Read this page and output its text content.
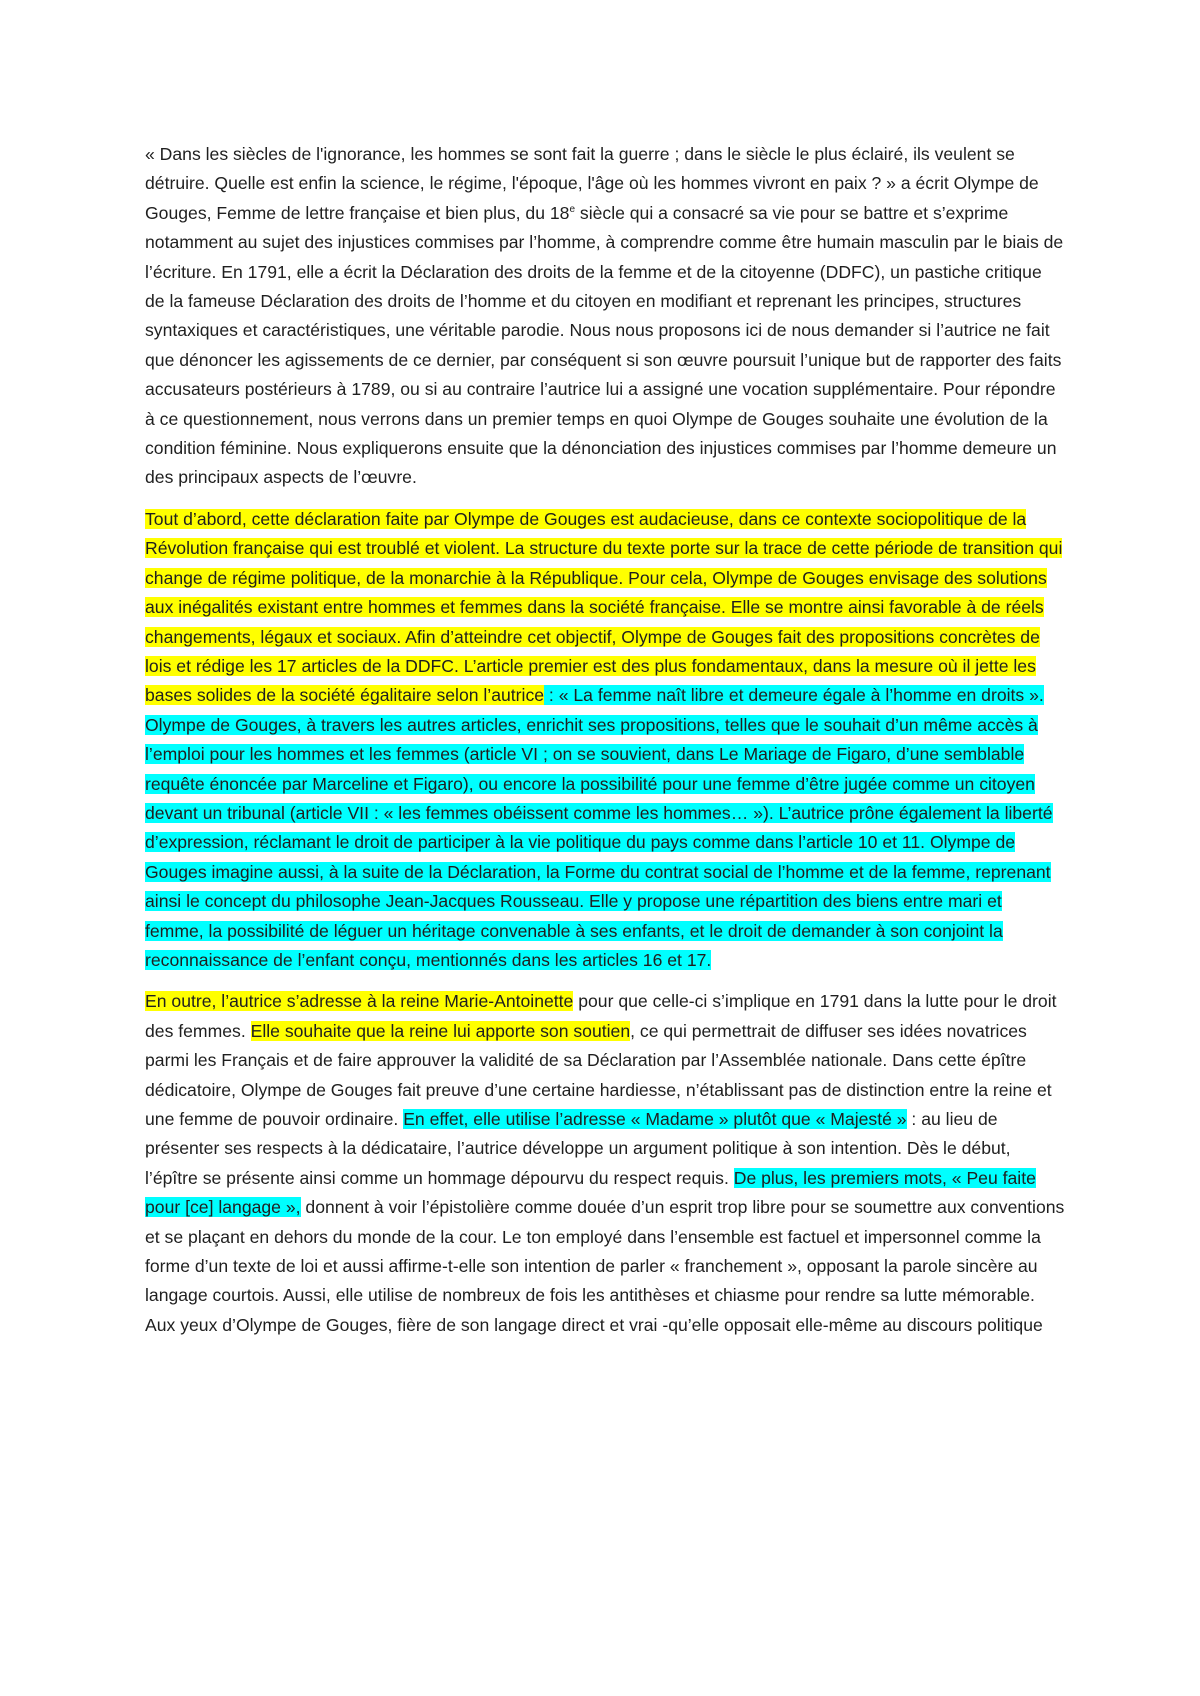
« Dans les siècles de l'ignorance, les hommes se sont fait la guerre ; dans le siècle le plus éclairé, ils veulent se détruire. Quelle est enfin la science, le régime, l'époque, l'âge où les hommes vivront en paix ? » a écrit Olympe de Gouges, Femme de lettre française et bien plus, du 18e siècle qui a consacré sa vie pour se battre et s’exprime notamment au sujet des injustices commises par l’homme, à comprendre comme être humain masculin par le biais de l’écriture. En 1791, elle a écrit la Déclaration des droits de la femme et de la citoyenne (DDFC), un pastiche critique de la fameuse Déclaration des droits de l’homme et du citoyen en modifiant et reprenant les principes, structures syntaxiques et caractéristiques, une véritable parodie. Nous nous proposons ici de nous demander si l’autrice ne fait que dénoncer les agissements de ce dernier, par conséquent si son œuvre poursuit l’unique but de rapporter des faits accusateurs postérieurs à 1789, ou si au contraire l’autrice lui a assigné une vocation supplémentaire. Pour répondre à ce questionnement, nous verrons dans un premier temps en quoi Olympe de Gouges souhaite une évolution de la condition féminine. Nous expliquerons ensuite que la dénonciation des injustices commises par l’homme demeure un des principaux aspects de l’œuvre.

Tout d’abord, cette déclaration faite par Olympe de Gouges est audacieuse, dans ce contexte sociopolitique de la Révolution française qui est troublé et violent. La structure du texte porte sur la trace de cette période de transition qui change de régime politique, de la monarchie à la République. Pour cela, Olympe de Gouges envisage des solutions aux inégalités existant entre hommes et femmes dans la société française. Elle se montre ainsi favorable à de réels changements, légaux et sociaux. Afin d’atteindre cet objectif, Olympe de Gouges fait des propositions concrètes de lois et rédige les 17 articles de la DDFC. L’article premier est des plus fondamentaux, dans la mesure où il jette les bases solides de la société égalitaire selon l’autrice : « La femme naît libre et demeure égale à l’homme en droits ». Olympe de Gouges, à travers les autres articles, enrichit ses propositions, telles que le souhait d’un même accès à l’emploi pour les hommes et les femmes (article VI ; on se souvient, dans Le Mariage de Figaro, d’une semblable requête énoncée par Marceline et Figaro), ou encore la possibilité pour une femme d’être jugée comme un citoyen devant un tribunal (article VII : « les femmes obéissent comme les hommes… »). L’autrice prône également la liberté d’expression, réclamant le droit de participer à la vie politique du pays comme dans l’article 10 et 11. Olympe de Gouges imagine aussi, à la suite de la Déclaration, la Forme du contrat social de l’homme et de la femme, reprenant ainsi le concept du philosophe Jean-Jacques Rousseau. Elle y propose une répartition des biens entre mari et femme, la possibilité de léguer un héritage convenable à ses enfants, et le droit de demander à son conjoint la reconnaissance de l’enfant conçu, mentionnés dans les articles 16 et 17.

En outre, l’autrice s’adresse à la reine Marie-Antoinette pour que celle-ci s’implique en 1791 dans la lutte pour le droit des femmes. Elle souhaite que la reine lui apporte son soutien, ce qui permettrait de diffuser ses idées novatrices parmi les Français et de faire approuver la validité de sa Déclaration par l’Assemblée nationale. Dans cette épître dédicatoire, Olympe de Gouges fait preuve d’une certaine hardiesse, n’établissant pas de distinction entre la reine et une femme de pouvoir ordinaire. En effet, elle utilise l’adresse « Madame » plutôt que « Majesté » : au lieu de présenter ses respects à la dédicataire, l’autrice développe un argument politique à son intention. Dès le début, l’épître se présente ainsi comme un hommage dépourvu du respect requis. De plus, les premiers mots, « Peu faite pour [ce] langage », donnent à voir l’épistolière comme douée d’un esprit trop libre pour se soumettre aux conventions et se plaçant en dehors du monde de la cour. Le ton employé dans l’ensemble est factuel et impersonnel comme la forme d’un texte de loi et aussi affirme-t-elle son intention de parler « franchement », opposant la parole sincère au langage courtois. Aussi, elle utilise de nombreux de fois les antithèses et chiasme pour rendre sa lutte mémorable. Aux yeux d’Olympe de Gouges, fière de son langage direct et vrai -qu’elle opposait elle-même au discours politique
